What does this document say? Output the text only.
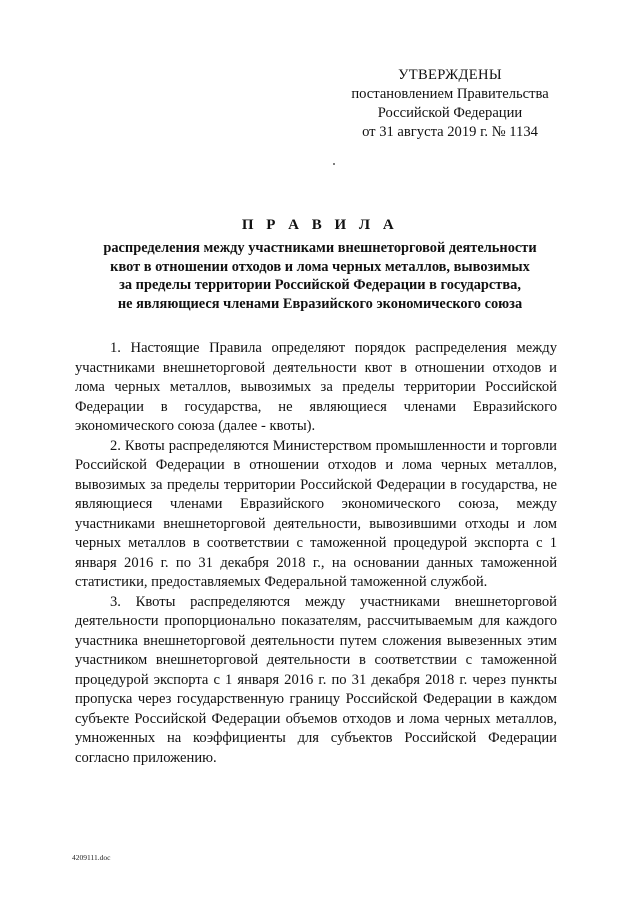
УТВЕРЖДЕНЫ
постановлением Правительства
Российской Федерации
от 31 августа 2019 г. № 1134
П Р А В И Л А
распределения между участниками внешнеторговой деятельности
квот в отношении отходов и лома черных металлов, вывозимых
за пределы территории Российской Федерации в государства,
не являющиеся членами Евразийского экономического союза

1. Настоящие Правила определяют порядок распределения между участниками внешнеторговой деятельности квот в отношении отходов и лома черных металлов, вывозимых за пределы территории Российской Федерации в государства, не являющиеся членами Евразийского экономического союза (далее - квоты).

2. Квоты распределяются Министерством промышленности и торговли Российской Федерации в отношении отходов и лома черных металлов, вывозимых за пределы территории Российской Федерации в государства, не являющиеся членами Евразийского экономического союза, между участниками внешнеторговой деятельности, вывозившими отходы и лом черных металлов в соответствии с таможенной процедурой экспорта с 1 января 2016 г. по 31 декабря 2018 г., на основании данных таможенной статистики, предоставляемых Федеральной таможенной службой.

3. Квоты распределяются между участниками внешнеторговой деятельности пропорционально показателям, рассчитываемым для каждого участника внешнеторговой деятельности путем сложения вывезенных этим участником внешнеторговой деятельности в соответствии с таможенной процедурой экспорта с 1 января 2016 г. по 31 декабря 2018 г. через пункты пропуска через государственную границу Российской Федерации в каждом субъекте Российской Федерации объемов отходов и лома черных металлов, умноженных на коэффициенты для субъектов Российской Федерации согласно приложению.

4209111.doc
